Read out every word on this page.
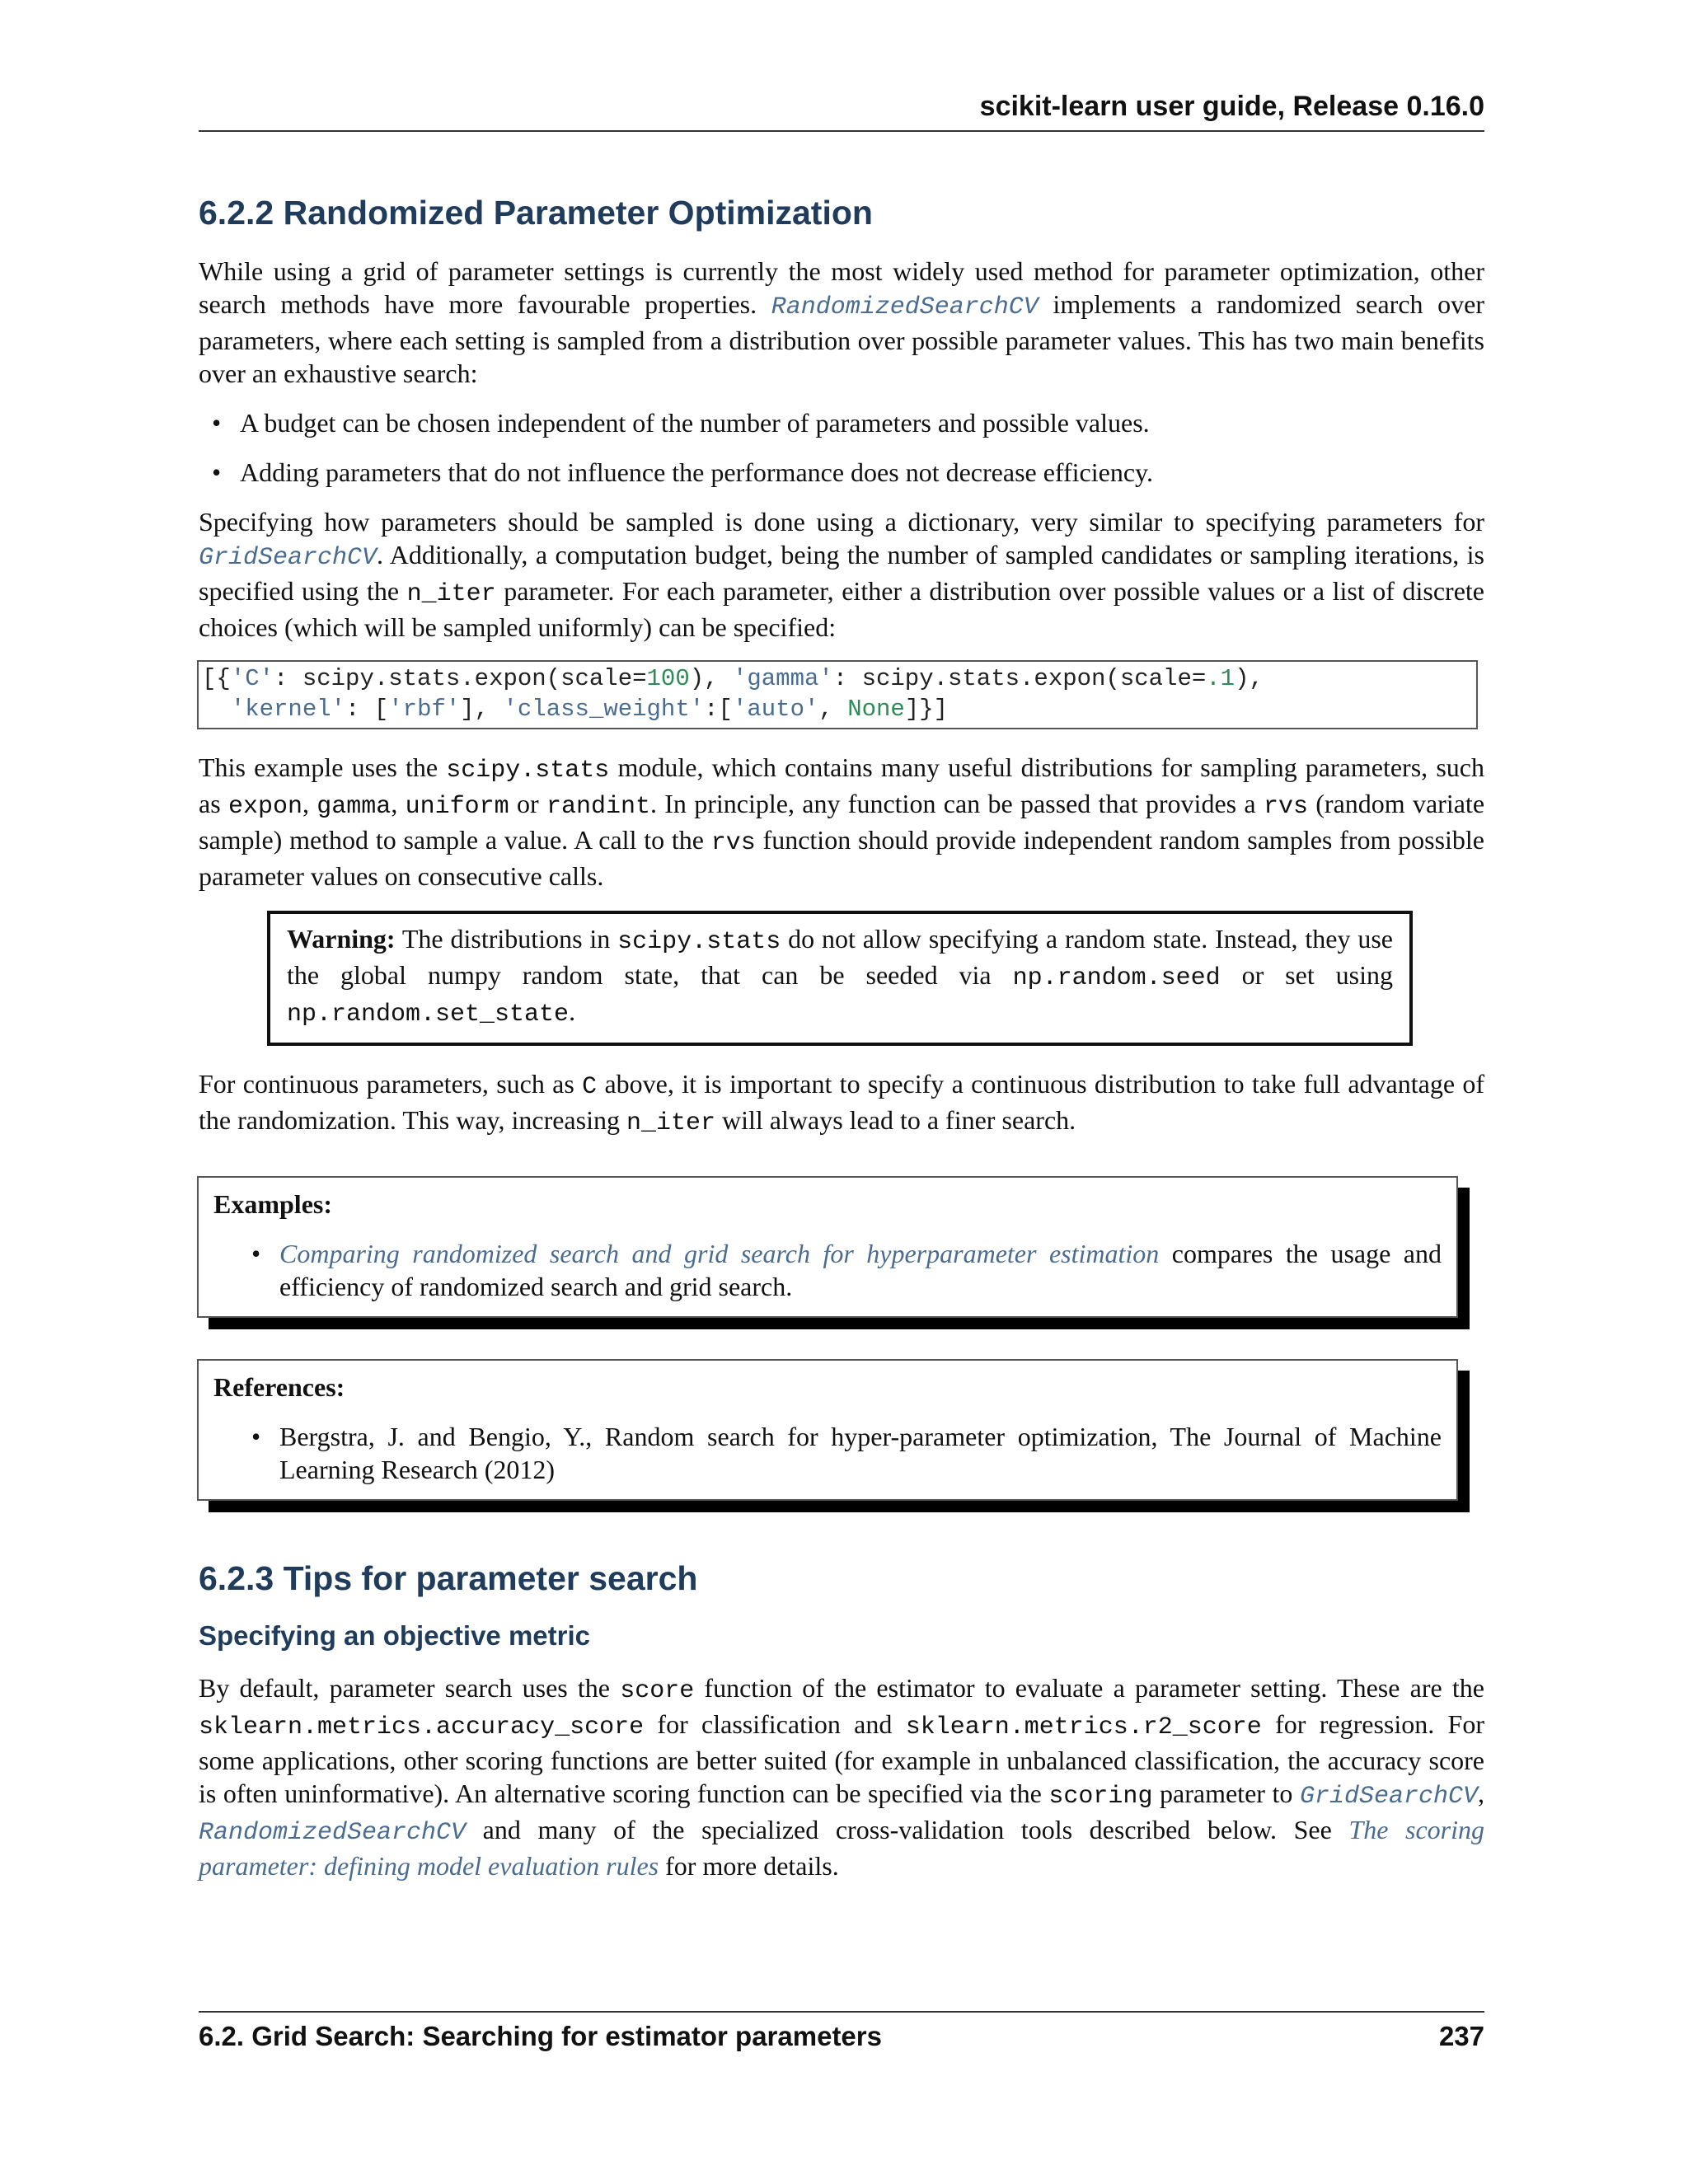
scikit-learn user guide, Release 0.16.0
6.2.2 Randomized Parameter Optimization

While using a grid of parameter settings is currently the most widely used method for parameter optimization, other search methods have more favourable properties. RandomizedSearchCV implements a randomized search over parameters, where each setting is sampled from a distribution over possible parameter values. This has two main benefits over an exhaustive search:

• A budget can be chosen independent of the number of parameters and possible values.
• Adding parameters that do not influence the performance does not decrease efficiency.

Specifying how parameters should be sampled is done using a dictionary, very similar to specifying parameters for GridSearchCV. Additionally, a computation budget, being the number of sampled candidates or sampling iterations, is specified using the n_iter parameter. For each parameter, either a distribution over possible values or a list of discrete choices (which will be sampled uniformly) can be specified:

[{'C': scipy.stats.expon(scale=100), 'gamma': scipy.stats.expon(scale=.1),
'kernel': ['rbf'], 'class_weight':['auto', None]}]

This example uses the scipy.stats module, which contains many useful distributions for sampling parameters, such as expon, gamma, uniform or randint. In principle, any function can be passed that provides a rvs (random variate sample) method to sample a value. A call to the rvs function should provide independent random samples from possible parameter values on consecutive calls.

Warning: The distributions in scipy.stats do not allow specifying a random state. Instead, they use the global numpy random state, that can be seeded via np.random.seed or set using np.random.set_state.

For continuous parameters, such as C above, it is important to specify a continuous distribution to take full advantage of the randomization. This way, increasing n_iter will always lead to a finer search.

Examples:
• Comparing randomized search and grid search for hyperparameter estimation compares the usage and efficiency of randomized search and grid search.
References:
• Bergstra, J. and Bengio, Y., Random search for hyper-parameter optimization, The Journal of Machine Learning Research (2012)
6.2.3 Tips for parameter search
Specifying an objective metric

By default, parameter search uses the score function of the estimator to evaluate a parameter setting. These are the sklearn.metrics.accuracy_score for classification and sklearn.metrics.r2_score for regression. For some applications, other scoring functions are better suited (for example in unbalanced classification, the accuracy score is often uninformative). An alternative scoring function can be specified via the scoring parameter to GridSearchCV, RandomizedSearchCV and many of the specialized cross-validation tools described below. See The scoring parameter: defining model evaluation rules for more details.

6.2. Grid Search: Searching for estimator parameters	237
